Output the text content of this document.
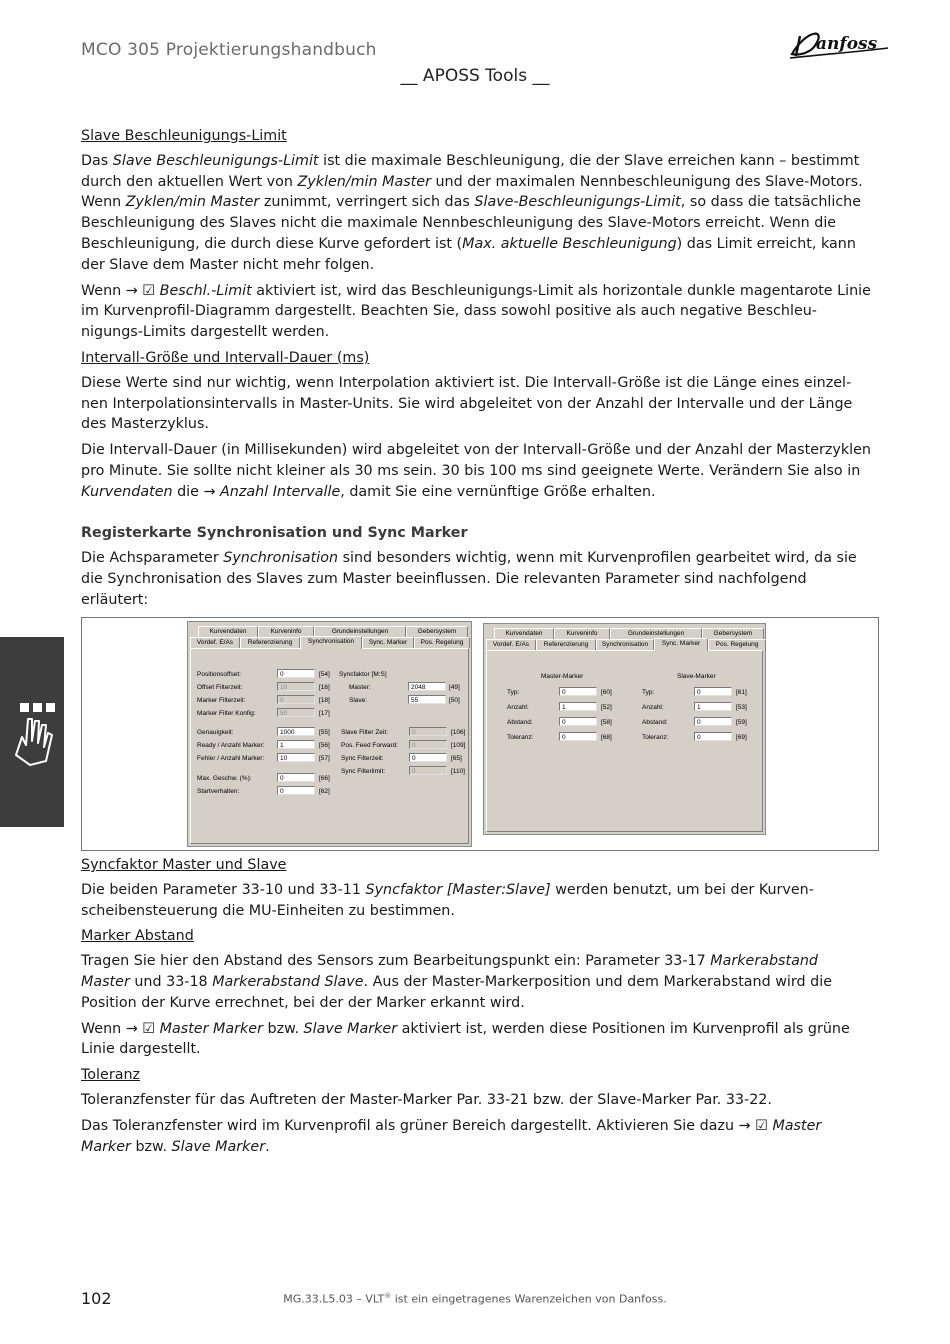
MCO 305 Projektierungshandbuch	anfoss
__ APOSS Tools __

Slave Beschleunigungs-Limit

Das Slave Beschleunigungs-Limit ist die maximale Beschleunigung, die der Slave erreichen kann – bestimmt durch den aktuellen Wert von Zyklen/min Master und der maximalen Nennbeschleunigung des Slave-Motors. Wenn Zyklen/min Master zunimmt, verringert sich das Slave-Beschleunigungs-Limit, so dass die tatsächliche Beschleunigung des Slaves nicht die maximale Nennbeschleunigung des Slave-Motors erreicht. Wenn die Beschleunigung, die durch diese Kurve gefordert ist (Max. aktuelle Beschleunigung) das Limit erreicht, kann der Slave dem Master nicht mehr folgen.

Wenn → ☑ Beschl.-Limit aktiviert ist, wird das Beschleunigungs-Limit als horizontale dunkle magentarote Linie im Kurvenprofil-Diagramm dargestellt. Beachten Sie, dass sowohl positive als auch negative Beschleunigungs-Limits dargestellt werden.

Intervall-Größe und Intervall-Dauer (ms)

Diese Werte sind nur wichtig, wenn Interpolation aktiviert ist. Die Intervall-Größe ist die Länge eines einzelnen Interpolationsintervalls in Master-Units. Sie wird abgeleitet von der Anzahl der Intervalle und der Länge des Masterzyklus.

Die Intervall-Dauer (in Millisekunden) wird abgeleitet von der Intervall-Größe und der Anzahl der Masterzyklen pro Minute. Sie sollte nicht kleiner als 30 ms sein. 30 bis 100 ms sind geeignete Werte. Verändern Sie also in Kurvendaten die → Anzahl Intervalle, damit Sie eine vernünftige Größe erhalten.

Registerkarte Synchronisation und Sync Marker

Die Achsparameter Synchronisation sind besonders wichtig, wenn mit Kurvenprofilen gearbeitet wird, da sie die Synchronisation des Slaves zum Master beeinflussen. Die relevanten Parameter sind nachfolgend erläutert:

Kurvendaten	Kurveninfo	Grundeinstellungen	Gebersystem
Vordef. E/As	Referenzierung	Synchronisation	Sync. Marker	Pos. Regelung
Positionsoffset:	0	[54]
Offset Filterzeit:	10	[16]
Marker Filterzeit:	0	[18]
Marker Filter Konfig:	50	[17]
Genauigkeit:	1000	[55]
Ready / Anzahl Marker:	1	[56]
Fehler / Anzahl Marker:	10	[57]
Max. Geschw. (%):	0	[66]
Startverhalten:	0	[62]
Syncfaktor [M:S]
Master:	2048	[49]
Slave:	55	[50]
Slave Filter Zeit:	0	[106]
Pos. Feed Forward:	0	[109]
Sync Filterzeit:	0	[65]
Sync Filterlimit:	0	[110]
Kurvendaten	Kurveninfo	Grundeinstellungen	Gebersystem
Vordef. E/As	Referenzierung	Synchronisation	Sync. Marker	Pos. Regelung
Master-Marker	Slave-Marker
Typ:	0	[60]	Typ:	0	[61]
Anzahl:	1	[52]	Anzahl:	1	[53]
Abstand:	0	[58]	Abstand:	0	[59]
Toleranz:	0	[68]	Toleranz:	0	[69]

Syncfaktor Master und Slave

Die beiden Parameter 33-10 und 33-11 Syncfaktor [Master:Slave] werden benutzt, um bei der Kurvenscheibensteuerung die MU-Einheiten zu bestimmen.

Marker Abstand

Tragen Sie hier den Abstand des Sensors zum Bearbeitungspunkt ein: Parameter 33-17 Markerabstand Master und 33-18 Markerabstand Slave. Aus der Master-Markerposition und dem Markerabstand wird die Position der Kurve errechnet, bei der der Marker erkannt wird.

Wenn → ☑ Master Marker bzw. Slave Marker aktiviert ist, werden diese Positionen im Kurvenprofil als grüne Linie dargestellt.

Toleranz

Toleranzfenster für das Auftreten der Master-Marker Par. 33-21 bzw. der Slave-Marker Par. 33-22.

Das Toleranzfenster wird im Kurvenprofil als grüner Bereich dargestellt. Aktivieren Sie dazu → ☑ Master Marker bzw. Slave Marker.

102	MG.33.L5.03 – VLT® ist ein eingetragenes Warenzeichen von Danfoss.
